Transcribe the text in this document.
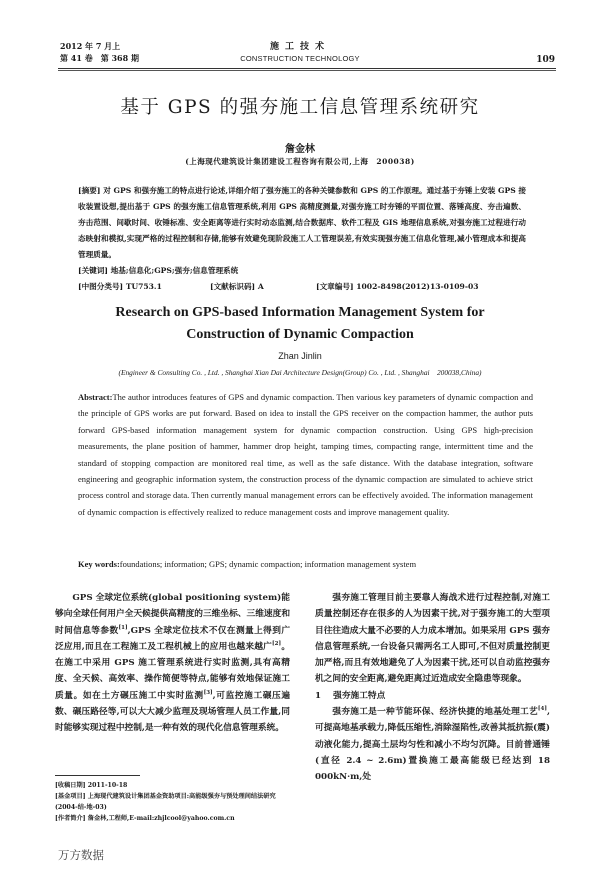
2012 年 7 月上
第 41 卷　第 368 期
施工技术
CONSTRUCTION TECHNOLOGY	109
基于 GPS 的强夯施工信息管理系统研究
詹金林
(上海现代建筑设计集团建设工程咨询有限公司,上海　200038)
[摘要] 对 GPS 和强夯施工的特点进行论述,详细介绍了强夯施工的各种关键参数和 GPS 的工作原理。通过基于夯锤上安装 GPS 接收装置设想,提出基于 GPS 的强夯施工信息管理系统,利用 GPS 高精度测量,对强夯施工时夯锤的平面位置、落锤高度、夯击遍数、夯击范围、间歇时间、收锤标准、安全距离等进行实时动态监测,结合数据库、软件工程及 GIS 地理信息系统,对强夯施工过程进行动态映射和模拟,实现严格的过程控制和存储,能够有效避免现阶段施工人工管理误差,有效实现强夯施工信息化管理,减小管理成本和提高管理质量。
[关键词] 地基;信息化;GPS;强夯;信息管理系统
[中图分类号] TU753.1	[文献标识码] A	[文章编号] 1002-8498(2012)13-0109-03
Research on GPS-based Information Management System for
Construction of Dynamic Compaction
Zhan Jinlin
(Engineer & Consulting Co. , Ltd. , Shanghai Xian Dai Architecture Design(Group) Co. , Ltd. , Shanghai　200038,China)
Abstract:The author introduces features of GPS and dynamic compaction. Then various key parameters of dynamic compaction and the principle of GPS works are put forward. Based on idea to install the GPS receiver on the compaction hammer, the author puts forward GPS-based information management system for dynamic compaction construction. Using GPS high-precision measurements, the plane position of hammer, hammer drop height, tamping times, compacting range, intermittent time and the standard of stopping compaction are monitored real time, as well as the safe distance. With the database integration, software engineering and geographic information system, the construction process of the dynamic compaction are simulated to achieve strict process control and storage data. Then currently manual management errors can be effectively avoided. The information management of dynamic compaction is effectively realized to reduce management costs and improve management quality.
Key words:foundations; information; GPS; dynamic compaction; information management system

GPS 全球定位系统(global positioning system)能够向全球任何用户全天候提供高精度的三维坐标、三维速度和时间信息等参数[1],GPS 全球定位技术不仅在测量上得到广泛应用,而且在工程施工及工程机械上的应用也越来越广[2]。在施工中采用 GPS 施工管理系统进行实时监测,具有高精度、全天候、高效率、操作简便等特点,能够有效地保证施工质量。如在土方碾压施工中实时监测[3],可监控施工碾压遍数、碾压路径等,可以大大减少监理及现场管理人员工作量,同时能够实现过程中控制,是一种有效的现代化信息管理系统。

强夯施工管理目前主要靠人海战术进行过程控制,对施工质量控制还存在很多的人为因素干扰,对于强夯施工的大型项目往往造成大量不必要的人力成本增加。如果采用 GPS 强夯信息管理系统,一台设备只需两名工人即可,不但对质量控制更加严格,而且有效地避免了人为因素干扰,还可以自动监控强夯机之间的安全距离,避免距离过近造成安全隐患等现象。

1 强夯施工特点

强夯施工是一种节能环保、经济快捷的地基处理工艺[4],可提高地基承载力,降低压缩性,消除湿陷性,改善其抵抗振(震)动液化能力,提高土层均匀性和减小不均匀沉降。目前普通锤(直径 2.4 ~ 2.6m)置换施工最高能级已经达到 18 000kN·m,处

[收稿日期] 2011-10-18
[基金项目] 上海现代建筑设计集团基金资助项目:高能级强夯与预处理间结法研究(2004-结-地-03)
[作者简介] 詹金林,工程师,E-mail:zhjlcool@yahoo.com.cn
万方数据
